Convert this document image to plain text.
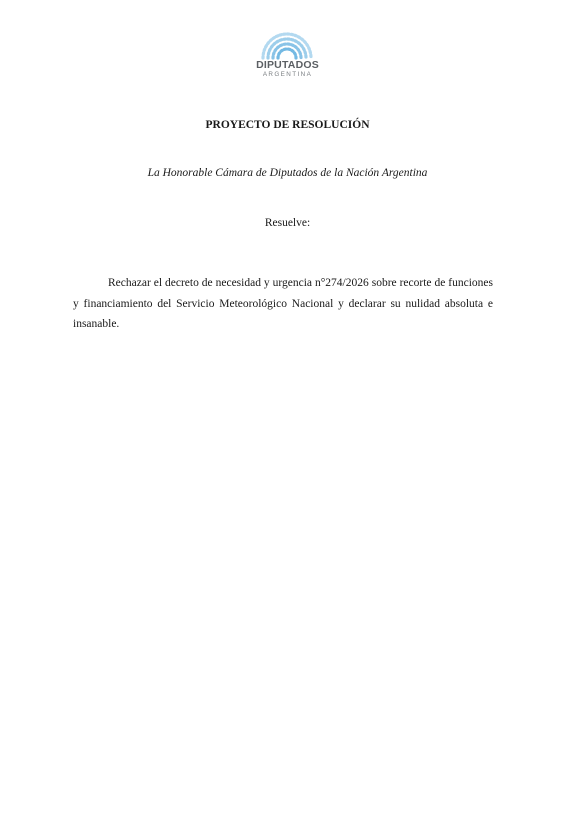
DIPUTADOS
ARGENTINA
PROYECTO DE RESOLUCIÓN
La Honorable Cámara de Diputados de la Nación Argentina
Resuelve:

Rechazar el decreto de necesidad y urgencia n°274/2026 sobre recorte de funciones y financiamiento del Servicio Meteorológico Nacional y declarar su nulidad absoluta e insanable.
